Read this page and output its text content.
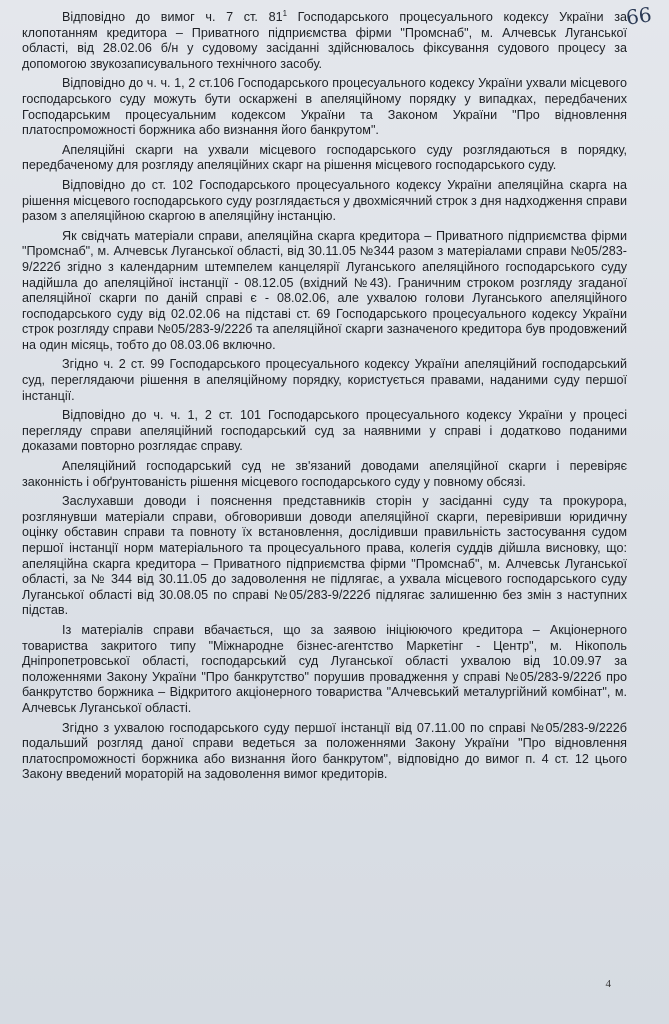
66

Відповідно до вимог ч. 7 ст. $81^1$ Господарського процесуального кодексу України за клопотанням кредитора – Приватного підприємства фірми "Промснаб", м. Алчевськ Луганської області, від 28.02.06 б/н у судовому засіданні здійснювалось фіксування судового процесу за допомогою звукозаписувального технічного засобу.

Відповідно до ч. ч. 1, 2 ст.106 Господарського процесуального кодексу України ухвали місцевого господарського суду можуть бути оскаржені в апеляційному порядку у випадках, передбачених Господарським процесуальним кодексом України та Законом України "Про відновлення платоспроможності боржника або визнання його банкрутом".

Апеляційні скарги на ухвали місцевого господарського суду розглядаються в порядку, передбаченому для розгляду апеляційних скарг на рішення місцевого господарського суду.

Відповідно до ст. 102 Господарського процесуального кодексу України апеляційна скарга на рішення місцевого господарського суду розглядається у двохмісячний строк з дня надходження справи разом з апеляційною скаргою в апеляційну інстанцію.

Як свідчать матеріали справи, апеляційна скарга кредитора – Приватного підприємства фірми "Промснаб", м. Алчевськ Луганської області, від 30.11.05 №344 разом з матеріалами справи №05/283-9/222б згідно з календарним штемпелем канцелярії Луганського апеляційного господарського суду надійшла до апеляційної інстанції - 08.12.05 (вхідний №43). Граничним строком розгляду згаданої апеляційної скарги по даній справі є - 08.02.06, але ухвалою голови Луганського апеляційного господарського суду від 02.02.06 на підставі ст. 69 Господарського процесуального кодексу України строк розгляду справи №05/283-9/222б та апеляційної скарги зазначеного кредитора був продовжений на один місяць, тобто до 08.03.06 включно.

Згідно ч. 2 ст. 99 Господарського процесуального кодексу України апеляційний господарський суд, переглядаючи рішення в апеляційному порядку, користується правами, наданими суду першої інстанції.

Відповідно до ч. ч. 1, 2 ст. 101 Господарського процесуального кодексу України у процесі перегляду справи апеляційний господарський суд за наявними у справі і додатково поданими доказами повторно розглядає справу.

Апеляційний господарський суд не зв'язаний доводами апеляційної скарги і перевіряє законність і обґрунтованість рішення місцевого господарського суду у повному обсязі.

Заслухавши доводи і пояснення представників сторін у засіданні суду та прокурора, розглянувши матеріали справи, обговоривши доводи апеляційної скарги, перевіривши юридичну оцінку обставин справи та повноту їх встановлення, дослідивши правильність застосування судом першої інстанції норм матеріального та процесуального права, колегія суддів дійшла висновку, що: апеляційна скарга кредитора – Приватного підприємства фірми "Промснаб", м. Алчевськ Луганської області, за № 344 від 30.11.05 до задоволення не підлягає, а ухвала місцевого господарського суду Луганської області від 30.08.05 по справі №05/283-9/222б підлягає залишенню без змін з наступних підстав.

Із матеріалів справи вбачається, що за заявою ініціюючого кредитора – Акціонерного товариства закритого типу "Міжнародне бізнес-агентство Маркетінг - Центр", м. Нікополь Дніпропетровської області, господарський суд Луганської області ухвалою від 10.09.97 за положеннями Закону України "Про банкрутство" порушив провадження у справі №05/283-9/222б про банкрутство боржника – Відкритого акціонерного товариства "Алчевський металургійний комбінат", м. Алчевськ Луганської області.

Згідно з ухвалою господарського суду першої інстанції від 07.11.00 по справі №05/283-9/222б подальший розгляд даної справи ведеться за положеннями Закону України "Про відновлення платоспроможності боржника або визнання його банкрутом", відповідно до вимог п. 4 ст. 12 цього Закону введений мораторій на задоволення вимог кредиторів.

4
